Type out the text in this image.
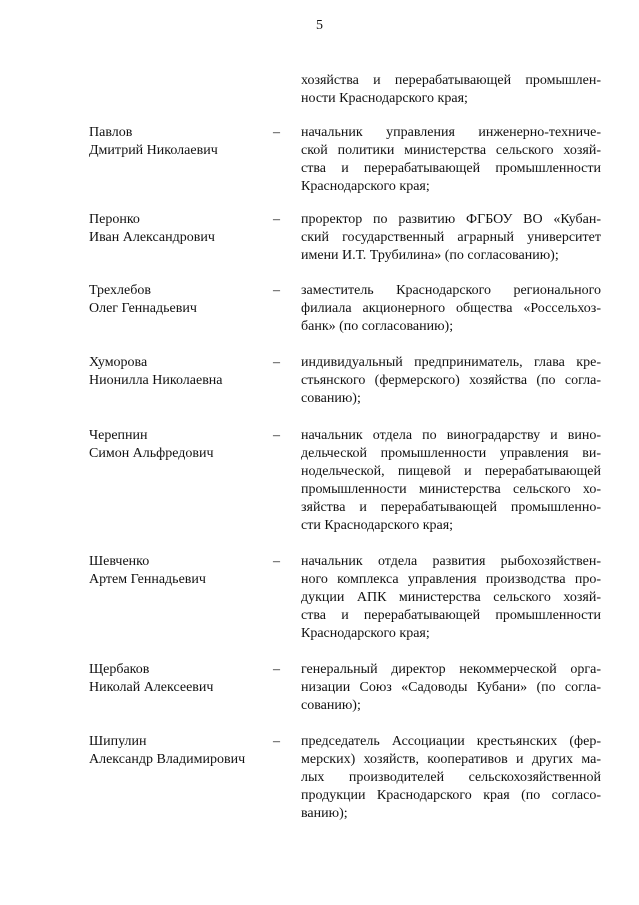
5
хозяйства и перерабатывающей промышлен-
ности Краснодарского края;
Павлов
Дмитрий Николаевич
– начальник управления инженерно-техниче-
ской политики министерства сельского хозяй-
ства и перерабатывающей промышленности
Краснодарского края;
Перонко
Иван Александрович
– проректор по развитию ФГБОУ ВО «Кубан-
ский государственный аграрный университет
имени И.Т. Трубилина» (по согласованию);
Трехлебов
Олег Геннадьевич
– заместитель Краснодарского регионального
филиала акционерного общества «Россельхоз-
банк» (по согласованию);
Хуморова
Нионилла Николаевна
– индивидуальный предприниматель, глава кре-
стьянского (фермерского) хозяйства (по согла-
сованию);
Черепнин
Симон Альфредович
– начальник отдела по виноградарству и вино-
дельческой промышленности управления ви-
нодельческой, пищевой и перерабатывающей
промышленности министерства сельского хо-
зяйства и перерабатывающей промышленно-
сти Краснодарского края;
Шевченко
Артем Геннадьевич
– начальник отдела развития рыбохозяйствен-
ного комплекса управления производства про-
дукции АПК министерства сельского хозяй-
ства и перерабатывающей промышленности
Краснодарского края;
Щербаков
Николай Алексеевич
– генеральный директор некоммерческой орга-
низации Союз «Садоводы Кубани» (по согла-
сованию);
Шипулин
Александр Владимирович
– председатель Ассоциации крестьянских (фер-
мерских) хозяйств, кооперативов и других ма-
лых производителей сельскохозяйственной
продукции Краснодарского края (по согласо-
ванию);
